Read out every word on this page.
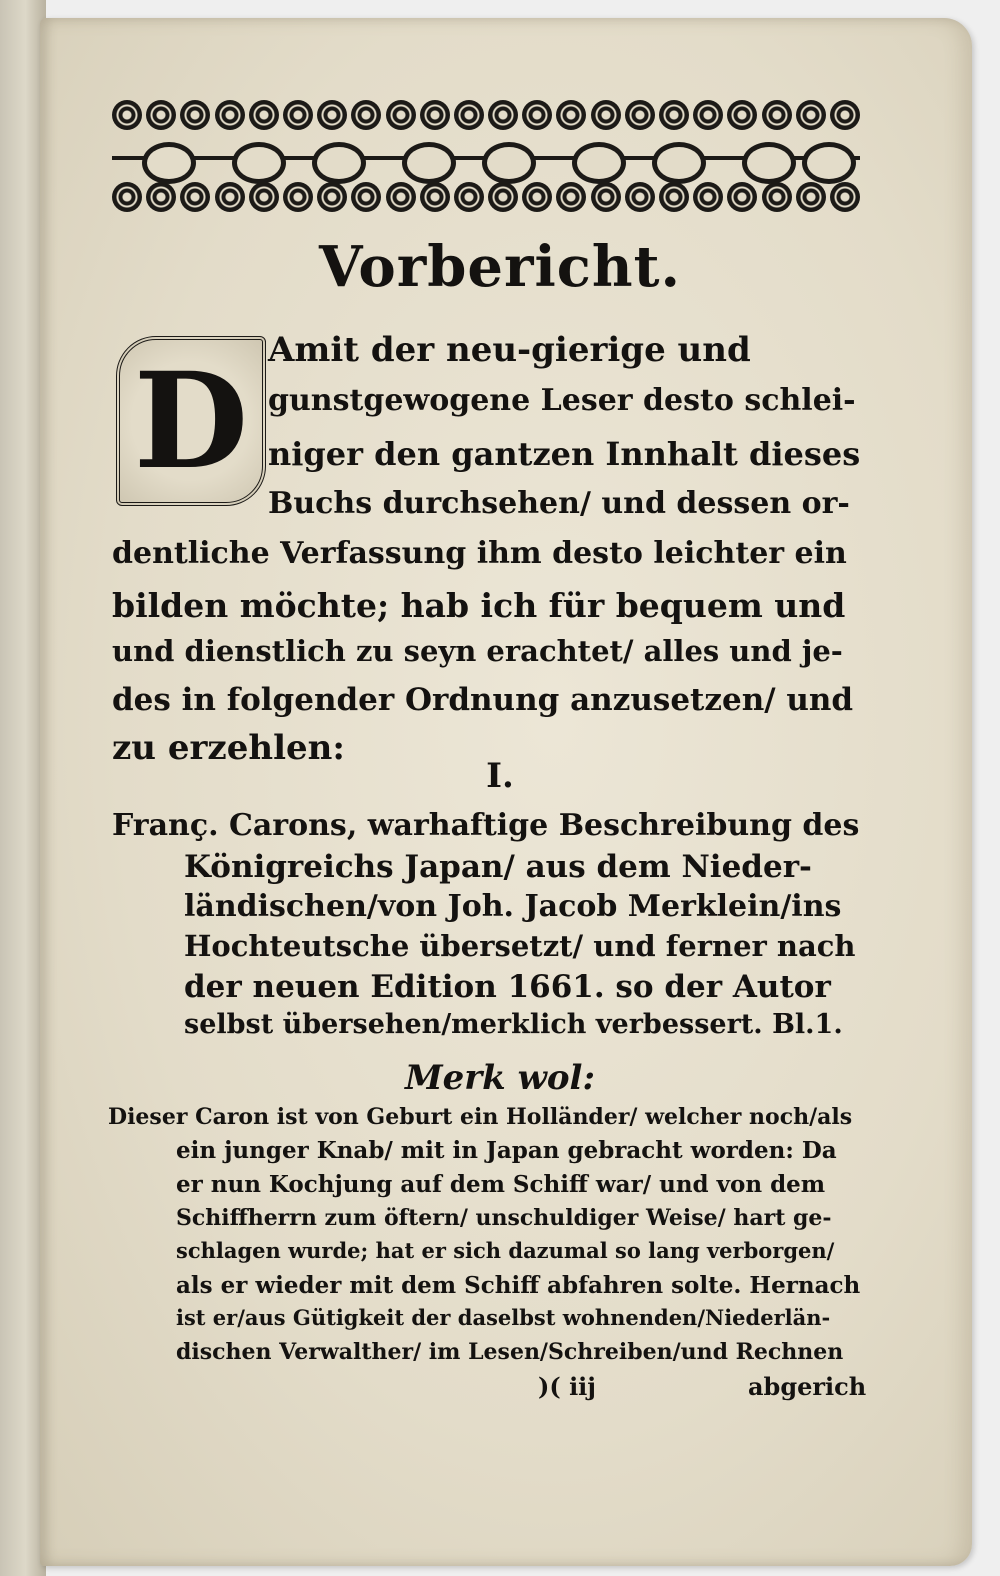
Vorbericht.
D Amit der neu-gierige und
gunstgewogene Leser desto schlei-
niger den gantzen Innhalt dieses
Buchs durchsehen/ und dessen or-
dentliche Verfassung ihm desto leichter ein
bilden möchte; hab ich für bequem und
und dienstlich zu seyn erachtet/ alles und je-
des in folgender Ordnung anzusetzen/ und
zu erzehlen:
I.
Franç. Carons, warhaftige Beschreibung des
Königreichs Japan/ aus dem Nieder-
ländischen/von Joh. Jacob Merklein/ins
Hochteutsche übersetzt/ und ferner nach
der neuen Edition 1661. so der Autor
selbst übersehen/merklich verbessert. Bl.1.
Merk wol:
Dieser Caron ist von Geburt ein Holländer/ welcher noch/als
ein junger Knab/ mit in Japan gebracht worden: Da
er nun Kochjung auf dem Schiff war/ und von dem
Schiffherrn zum öftern/ unschuldiger Weise/ hart ge-
schlagen wurde; hat er sich dazumal so lang verborgen/
als er wieder mit dem Schiff abfahren solte. Hernach
ist er/aus Gütigkeit der daselbst wohnenden/Niederlän-
dischen Verwalther/ im Lesen/Schreiben/und Rechnen
)( iij	abgerich
